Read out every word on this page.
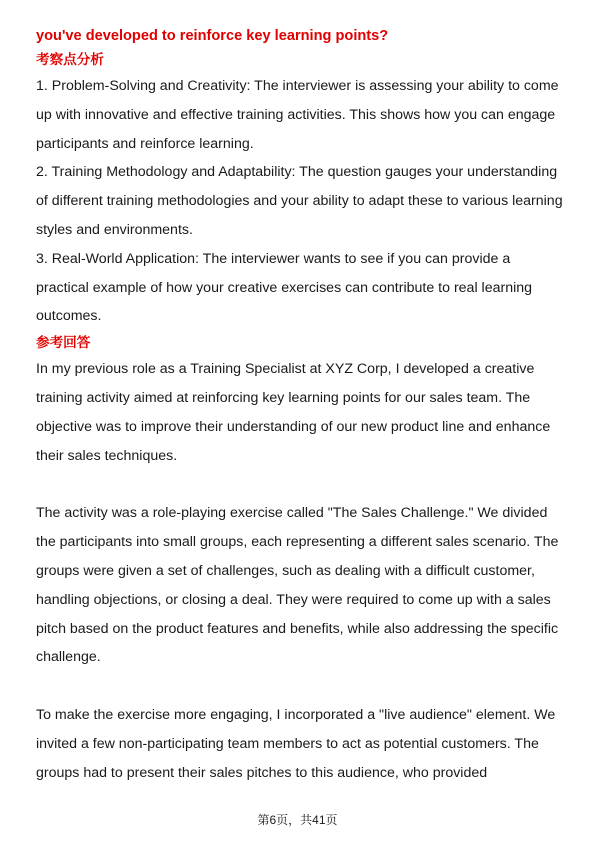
you've developed to reinforce key learning points?

考察点分析

1. Problem-Solving and Creativity: The interviewer is assessing your ability to come up with innovative and effective training activities. This shows how you can engage participants and reinforce learning.

2. Training Methodology and Adaptability: The question gauges your understanding of different training methodologies and your ability to adapt these to various learning styles and environments.

3. Real-World Application: The interviewer wants to see if you can provide a practical example of how your creative exercises can contribute to real learning outcomes.

参考回答

In my previous role as a Training Specialist at XYZ Corp, I developed a creative training activity aimed at reinforcing key learning points for our sales team. The objective was to improve their understanding of our new product line and enhance their sales techniques.

The activity was a role-playing exercise called "The Sales Challenge." We divided the participants into small groups, each representing a different sales scenario. The groups were given a set of challenges, such as dealing with a difficult customer, handling objections, or closing a deal. They were required to come up with a sales pitch based on the product features and benefits, while also addressing the specific challenge.

To make the exercise more engaging, I incorporated a "live audience" element. We invited a few non-participating team members to act as potential customers. The groups had to present their sales pitches to this audience, who provided

第6页，共41页
